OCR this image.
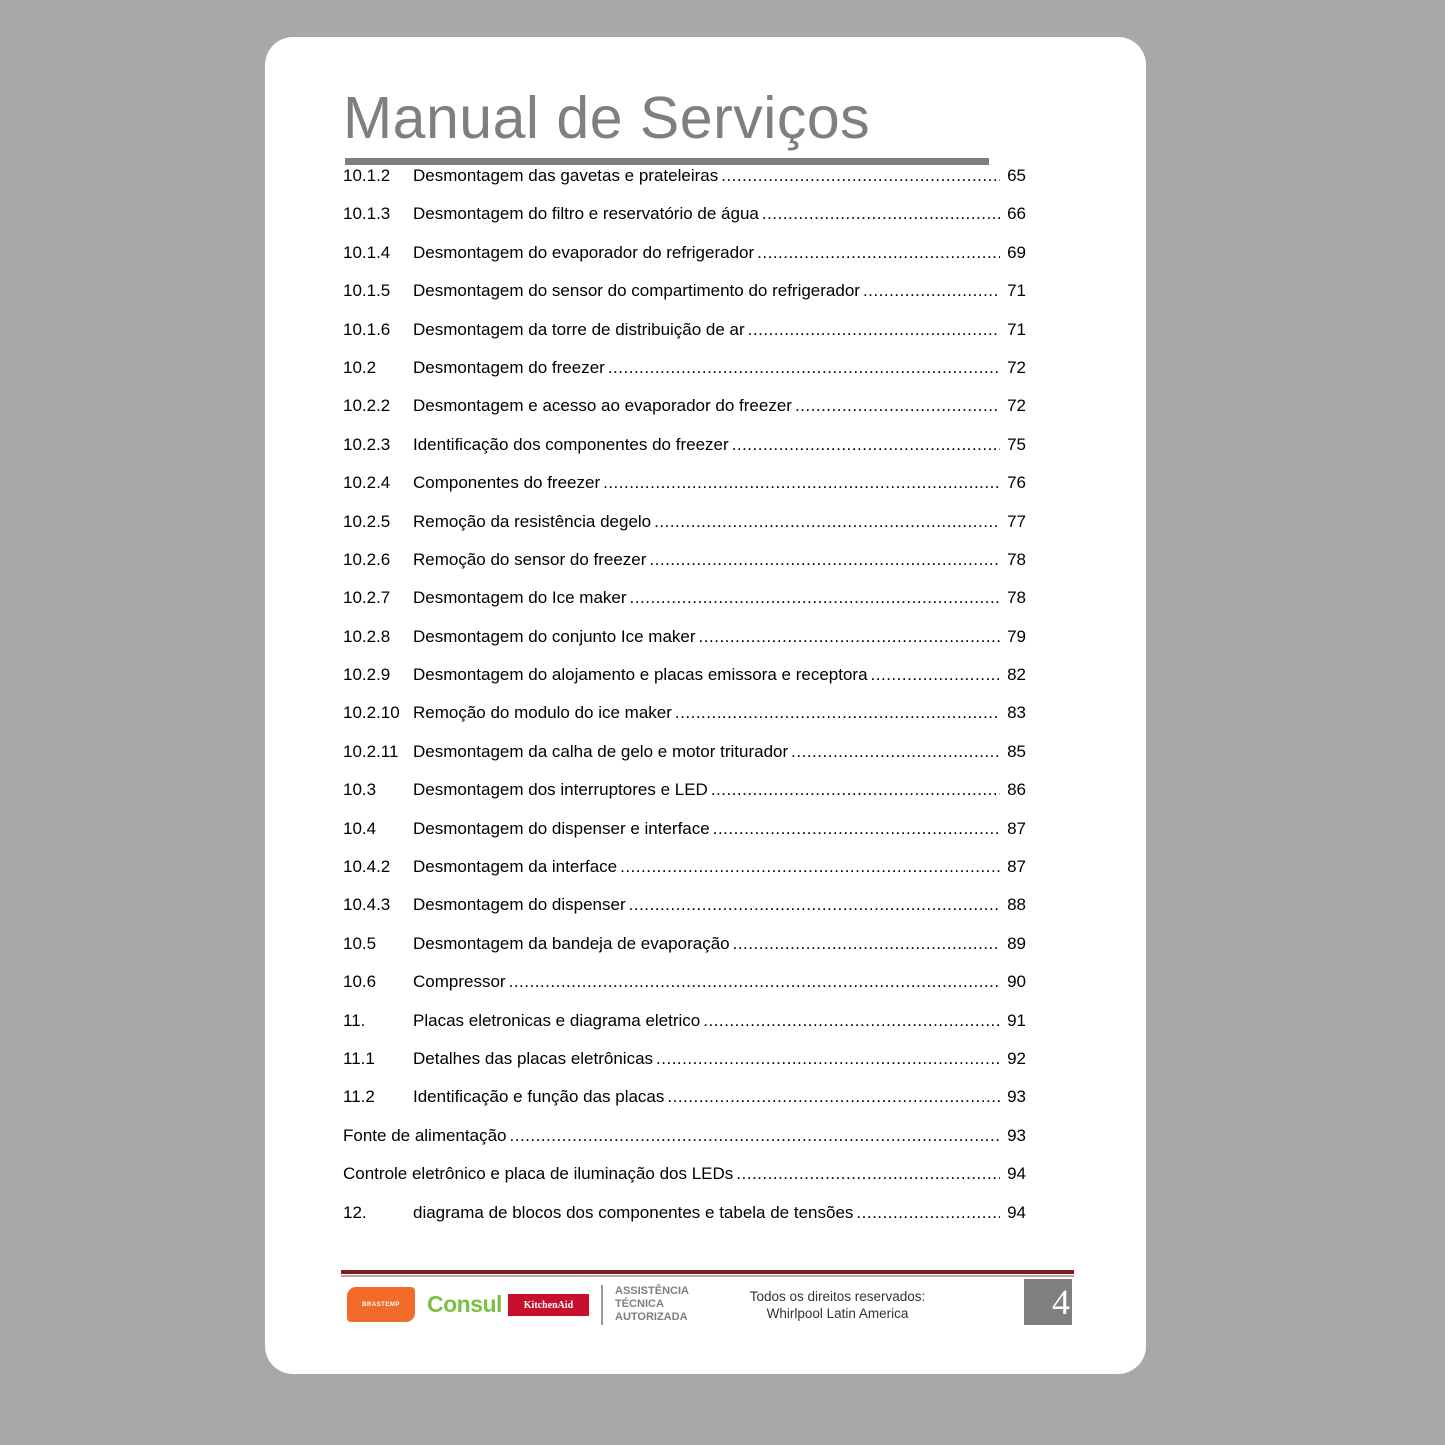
Manual de Serviços
10.1.2	Desmontagem das gavetas e prateleiras .....	65
10.1.3	Desmontagem do filtro e reservatório de água .....	66
10.1.4	Desmontagem do evaporador do refrigerador .....	69
10.1.5	Desmontagem do sensor do compartimento do refrigerador .....	71
10.1.6	Desmontagem da torre de distribuição de ar .....	71
10.2	Desmontagem do freezer .....	72
10.2.2	Desmontagem e acesso ao evaporador do freezer .....	72
10.2.3	Identificação dos componentes do freezer .....	75
10.2.4	Componentes do freezer .....	76
10.2.5	Remoção da resistência degelo .....	77
10.2.6	Remoção do sensor do freezer .....	78
10.2.7	Desmontagem do Ice maker .....	78
10.2.8	Desmontagem do conjunto Ice maker .....	79
10.2.9	Desmontagem do alojamento e placas emissora e receptora .....	82
10.2.10 Remoção do modulo do ice maker .....	83
10.2.11 Desmontagem da calha de gelo e motor triturador .....	85
10.3	Desmontagem dos interruptores e LED .....	86
10.4	Desmontagem do dispenser e interface .....	87
10.4.2	Desmontagem da interface .....	87
10.4.3	Desmontagem do dispenser .....	88
10.5	Desmontagem da bandeja de evaporação .....	89
10.6	Compressor .....	90
11.	Placas eletronicas e diagrama eletrico .....	91
11.1	Detalhes das placas eletrônicas .....	92
11.2	Identificação e função das placas .....	93
Fonte de alimentação .....	93
Controle eletrônico e placa de iluminação dos LEDs .....	94
12.	diagrama de blocos dos componentes e tabela de tensões .....	94
BRASTEMP Consul KitchenAid
ASSISTÊNCIA
TÉCNICA
AUTORIZADA
Todos os direitos reservados:
Whirlpool Latin America	4
